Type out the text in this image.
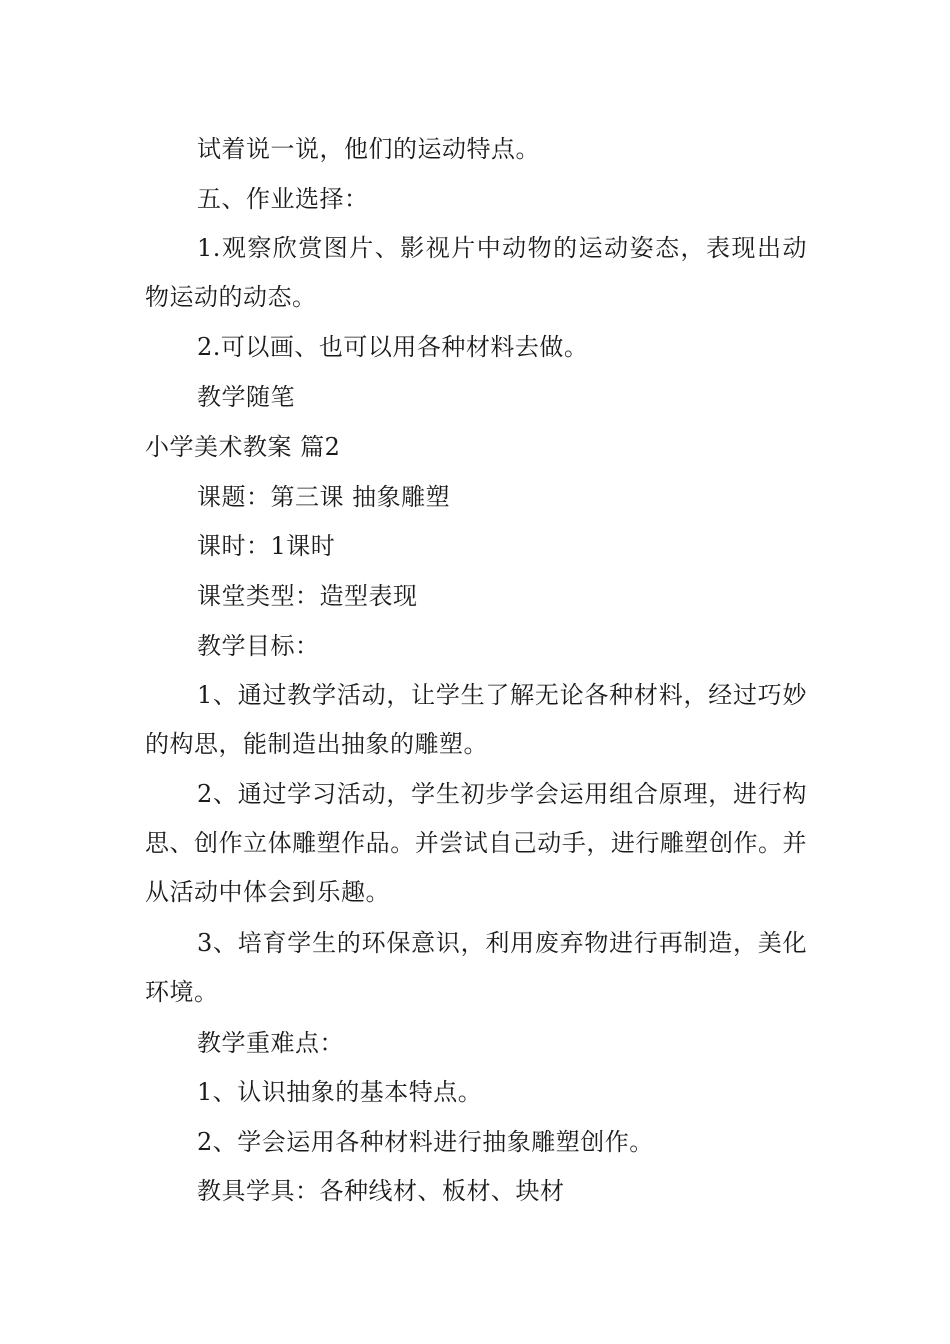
试着说一说，他们的运动特点。

五、作业选择：

1.观察欣赏图片、影视片中动物的运动姿态，表现出动物运动的动态。

2.可以画、也可以用各种材料去做。

教学随笔

小学美术教案 篇2

课题：第三课 抽象雕塑

课时：1课时

课堂类型：造型表现

教学目标：

1、通过教学活动，让学生了解无论各种材料，经过巧妙的构思，能制造出抽象的雕塑。

2、通过学习活动，学生初步学会运用组合原理，进行构思、创作立体雕塑作品。并尝试自己动手，进行雕塑创作。并从活动中体会到乐趣。

3、培育学生的环保意识，利用废弃物进行再制造，美化环境。

教学重难点：

1、认识抽象的基本特点。

2、学会运用各种材料进行抽象雕塑创作。

教具学具：各种线材、板材、块材
